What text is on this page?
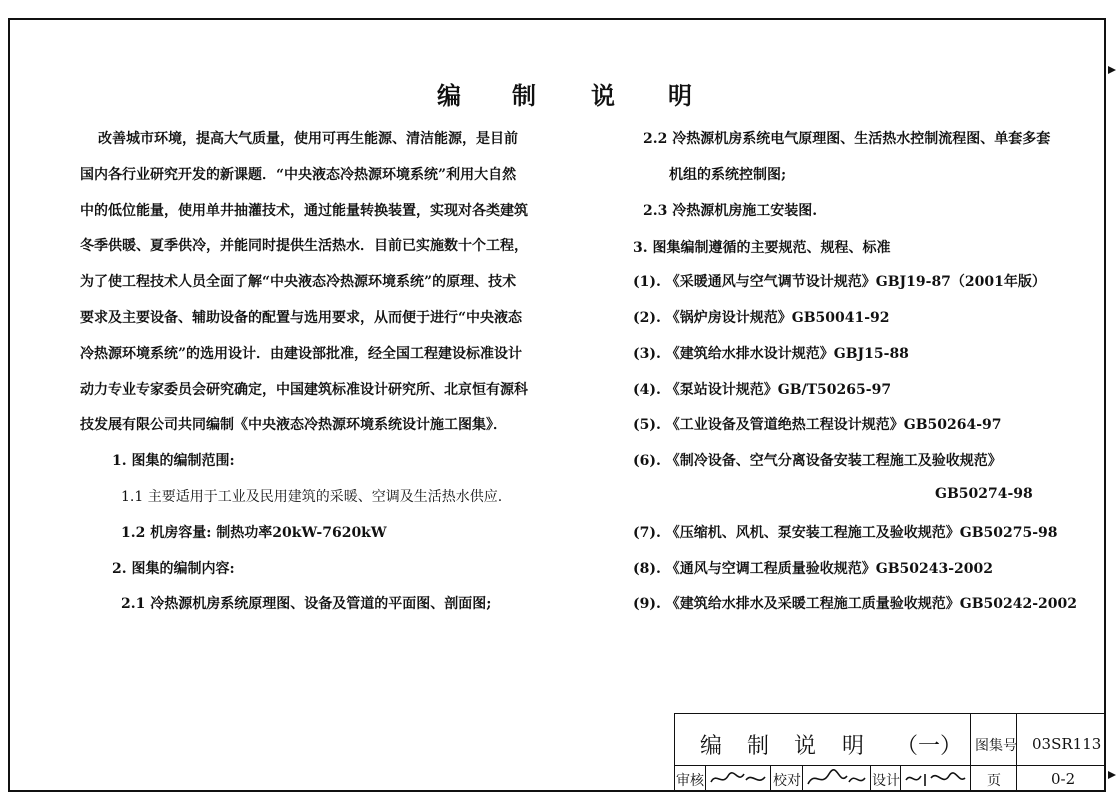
编 制 说 明
改善城市环境，提高大气质量，使用可再生能源、清洁能源，是目前
国内各行业研究开发的新课题．“中央液态冷热源环境系统”利用大自然
中的低位能量，使用单井抽灌技术，通过能量转换装置，实现对各类建筑
冬季供暖、夏季供冷，并能同时提供生活热水．目前已实施数十个工程，
为了使工程技术人员全面了解“中央液态冷热源环境系统”的原理、技术
要求及主要设备、辅助设备的配置与选用要求，从而便于进行“中央液态
冷热源环境系统”的选用设计．由建设部批准，经全国工程建设标准设计
动力专业专家委员会研究确定，中国建筑标准设计研究所、北京恒有源科
技发展有限公司共同编制《中央液态冷热源环境系统设计施工图集》．
1. 图集的编制范围:
1.1 主要适用于工业及民用建筑的采暖、空调及生活热水供应.
1.2 机房容量: 制热功率20kW-7620kW
2. 图集的编制内容:
2.1 冷热源机房系统原理图、设备及管道的平面图、剖面图;
2.2 冷热源机房系统电气原理图、生活热水控制流程图、单套多套
机组的系统控制图;
2.3 冷热源机房施工安装图.
3. 图集编制遵循的主要规范、规程、标准
(1). 《采暖通风与空气调节设计规范》GBJ19-87（2001年版）
(2). 《锅炉房设计规范》GB50041-92
(3). 《建筑给水排水设计规范》GBJ15-88
(4). 《泵站设计规范》GB/T50265-97
(5). 《工业设备及管道绝热工程设计规范》GB50264-97
(6). 《制冷设备、空气分离设备安装工程施工及验收规范》
GB50274-98
(7). 《压缩机、风机、泵安装工程施工及验收规范》GB50275-98
(8). 《通风与空调工程质量验收规范》GB50243-2002
(9). 《建筑给水排水及采暖工程施工质量验收规范》GB50242-2002
编 制 说 明 （一） 图集号 03SR113
审核	校对	设计	页	0-2
